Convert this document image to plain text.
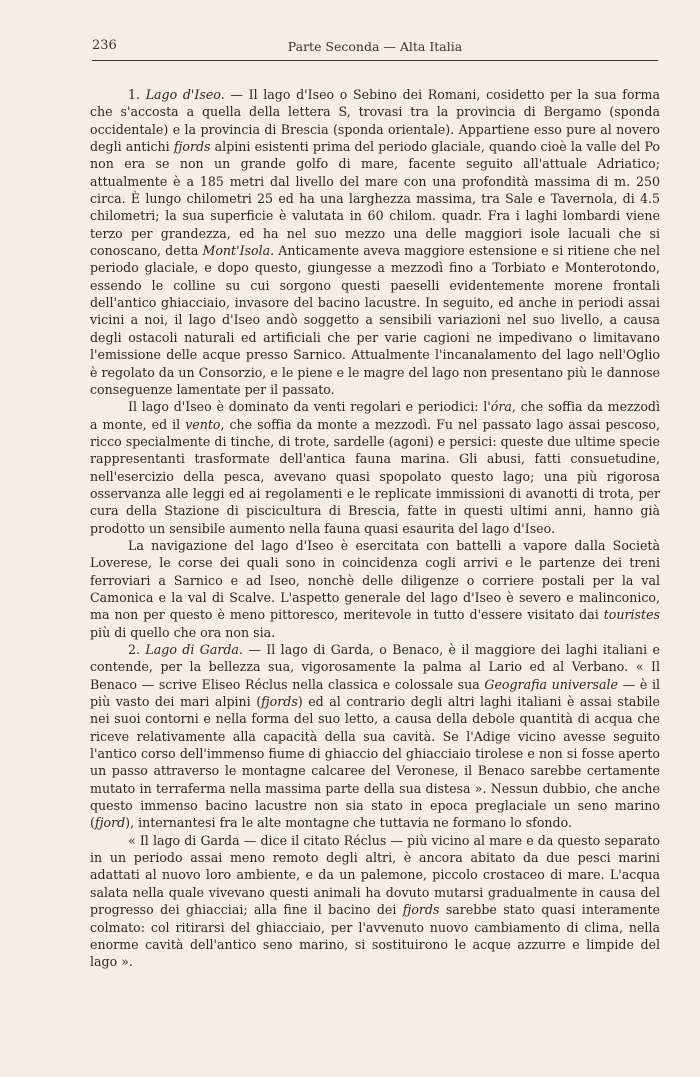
236	Parte Seconda — Alta Italia

1. Lago d'Iseo. — Il lago d'Iseo o Sebino dei Romani, cosidetto per la sua forma che s'accosta a quella della lettera S, trovasi tra la provincia di Bergamo (sponda occidentale) e la provincia di Brescia (sponda orientale). Appartiene esso pure al novero degli antichi fjords alpini esistenti prima del periodo glaciale, quando cioè la valle del Po non era se non un grande golfo di mare, facente seguito all'attuale Adriatico; attualmente è a 185 metri dal livello del mare con una profondità massima di m. 250 circa. È lungo chilometri 25 ed ha una larghezza massima, tra Sale e Tavernola, di 4.5 chilometri; la sua superficie è valutata in 60 chilom. quadr. Fra i laghi lombardi viene terzo per grandezza, ed ha nel suo mezzo una delle maggiori isole lacuali che si conoscano, detta Mont'Isola. Anticamente aveva maggiore estensione e si ritiene che nel periodo glaciale, e dopo questo, giungesse a mezzodì fino a Torbiato e Monterotondo, essendo le colline su cui sorgono questi paeselli evidentemente morene frontali dell'antico ghiacciaio, invasore del bacino lacustre. In seguito, ed anche in periodi assai vicini a noi, il lago d'Iseo andò soggetto a sensibili variazioni nel suo livello, a causa degli ostacoli naturali ed artificiali che per varie cagioni ne impedivano o limitavano l'emissione delle acque presso Sarnico. Attualmente l'incanalamento del lago nell'Oglio è regolato da un Consorzio, e le piene e le magre del lago non presentano più le dannose conseguenze lamentate per il passato.

Il lago d'Iseo è dominato da venti regolari e periodici: l'óra, che soffia da mezzodì a monte, ed il vento, che soffia da monte a mezzodì. Fu nel passato lago assai pescoso, ricco specialmente di tinche, di trote, sardelle (agoni) e persici: queste due ultime specie rappresentanti trasformate dell'antica fauna marina. Gli abusi, fatti consuetudine, nell'esercizio della pesca, avevano quasi spopolato questo lago; una più rigorosa osservanza alle leggi ed ai regolamenti e le replicate immissioni di avanotti di trota, per cura della Stazione di piscicultura di Brescia, fatte in questi ultimi anni, hanno già prodotto un sensibile aumento nella fauna quasi esaurita del lago d'Iseo.

La navigazione del lago d'Iseo è esercitata con battelli a vapore dalla Società Loverese, le corse dei quali sono in coincidenza cogli arrivi e le partenze dei treni ferroviari a Sarnico e ad Iseo, nonchè delle diligenze o corriere postali per la val Camonica e la val di Scalve. L'aspetto generale del lago d'Iseo è severo e malinconico, ma non per questo è meno pittoresco, meritevole in tutto d'essere visitato dai touristes più di quello che ora non sia.

2. Lago di Garda. — Il lago di Garda, o Benaco, è il maggiore dei laghi italiani e contende, per la bellezza sua, vigorosamente la palma al Lario ed al Verbano. « Il Benaco — scrive Eliseo Réclus nella classica e colossale sua Geografia universale — è il più vasto dei mari alpini (fjords) ed al contrario degli altri laghi italiani è assai stabile nei suoi contorni e nella forma del suo letto, a causa della debole quantità di acqua che riceve relativamente alla capacità della sua cavità. Se l'Adige vicino avesse seguito l'antico corso dell'immenso fiume di ghiaccio del ghiacciaio tirolese e non si fosse aperto un passo attraverso le montagne calcaree del Veronese, il Benaco sarebbe certamente mutato in terraferma nella massima parte della sua distesa ». Nessun dubbio, che anche questo immenso bacino lacustre non sia stato in epoca preglaciale un seno marino (fjord), internantesi fra le alte montagne che tuttavia ne formano lo sfondo.

« Il lago di Garda — dice il citato Réclus — più vicino al mare e da questo separato in un periodo assai meno remoto degli altri, è ancora abitato da due pesci marini adattati al nuovo loro ambiente, e da un palemone, piccolo crostaceo di mare. L'acqua salata nella quale vivevano questi animali ha dovuto mutarsi gradualmente in causa del progresso dei ghiacciai; alla fine il bacino dei fjords sarebbe stato quasi interamente colmato: col ritirarsi del ghiacciaio, per l'avvenuto nuovo cambiamento di clima, nella enorme cavità dell'antico seno marino, si sostituirono le acque azzurre e limpide del lago ».
